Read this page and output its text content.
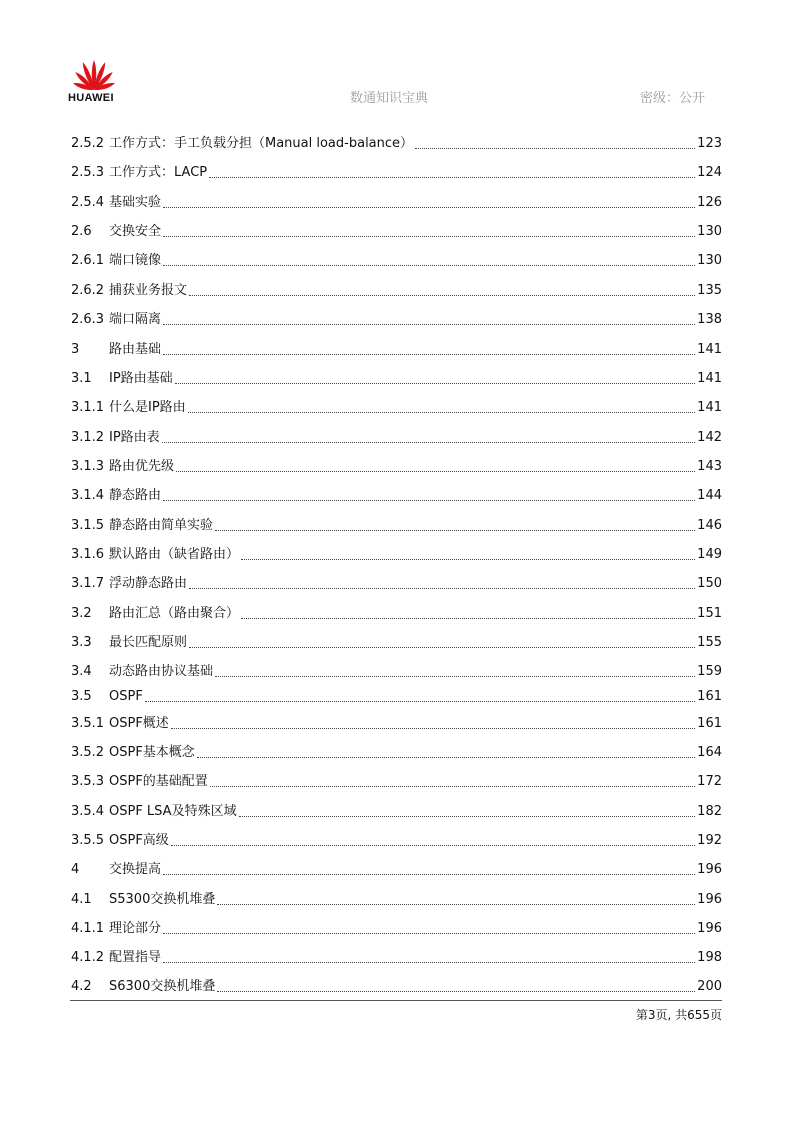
HUAWEI	数通知识宝典	密级：公开
2.5.2 工作方式：手工负载分担（Manual load-balance）	123
2.5.3 工作方式：LACP	124
2.5.4 基础实验	126
2.6	交换安全	130
2.6.1 端口镜像	130
2.6.2 捕获业务报文	135
2.6.3 端口隔离	138
3	路由基础	141
3.1	IP路由基础	141
3.1.1 什么是IP路由	141
3.1.2 IP路由表	142
3.1.3 路由优先级	143
3.1.4 静态路由	144
3.1.5 静态路由简单实验	146
3.1.6 默认路由（缺省路由）	149
3.1.7 浮动静态路由	150
3.2	路由汇总（路由聚合）	151
3.3	最长匹配原则	155
3.4	动态路由协议基础	159
3.5	OSPF	161
3.5.1 OSPF概述	161
3.5.2 OSPF基本概念	164
3.5.3 OSPF的基础配置	172
3.5.4 OSPF LSA及特殊区域	182
3.5.5 OSPF高级	192
4	交换提高	196
4.1	S5300交换机堆叠	196
4.1.1 理论部分	196
4.1.2 配置指导	198
4.2	S6300交换机堆叠	200
第3页, 共655页
